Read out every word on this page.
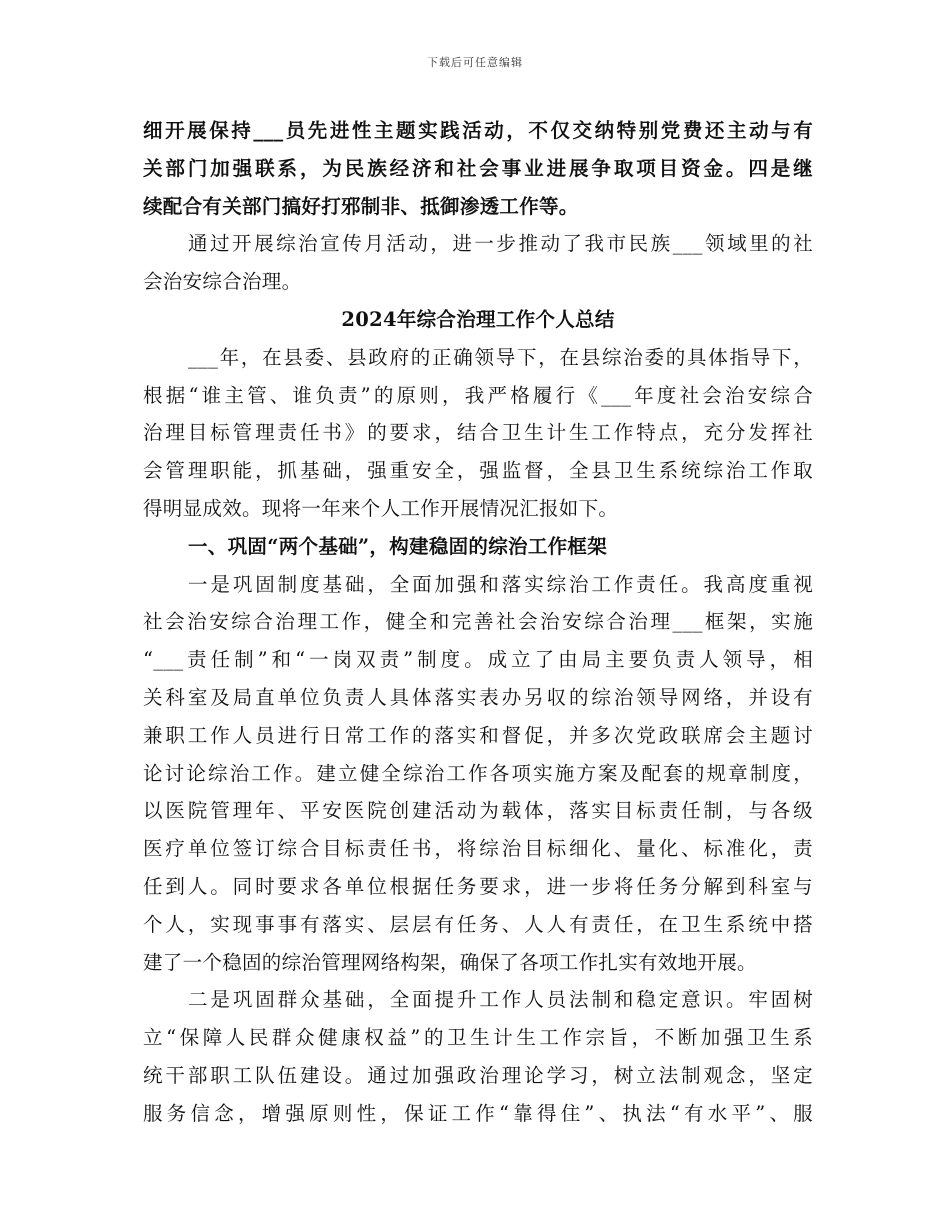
下载后可任意编辑
细开展保持___员先进性主题实践活动，不仅交纳特别党费还主动与有
关部门加强联系，为民族经济和社会事业进展争取项目资金。四是继
续配合有关部门搞好打邪制非、抵御渗透工作等。
通过开展综治宣传月活动，进一步推动了我市民族___领域里的社
会治安综合治理。
2024年综合治理工作个人总结
___年，在县委、县政府的正确领导下，在县综治委的具体指导下，
根据“谁主管、谁负责”的原则，我严格履行《___年度社会治安综合
治理目标管理责任书》的要求，结合卫生计生工作特点，充分发挥社
会管理职能，抓基础，强重安全，强监督，全县卫生系统综治工作取
得明显成效。现将一年来个人工作开展情况汇报如下。
一、巩固“两个基础”，构建稳固的综治工作框架
一是巩固制度基础，全面加强和落实综治工作责任。我高度重视
社会治安综合治理工作，健全和完善社会治安综合治理___框架，实施
“___责任制”和“一岗双责”制度。成立了由局主要负责人领导，相
关科室及局直单位负责人具体落实表办另収的综治领导网络，并设有
兼职工作人员进行日常工作的落实和督促，并多次党政联席会主题讨
论讨论综治工作。建立健全综治工作各项实施方案及配套的规章制度，
以医院管理年、平安医院创建活动为载体，落实目标责任制，与各级
医疗单位签订综合目标责任书，将综治目标细化、量化、标准化，责
任到人。同时要求各单位根据任务要求，进一步将任务分解到科室与
个人，实现事事有落实、层层有任务、人人有责任，在卫生系统中搭
建了一个稳固的综治管理网络构架，确保了各项工作扎实有效地开展。
二是巩固群众基础，全面提升工作人员法制和稳定意识。牢固树
立“保障人民群众健康权益”的卫生计生工作宗旨，不断加强卫生系
统干部职工队伍建设。通过加强政治理论学习，树立法制观念，坚定
服务信念，增强原则性，保证工作“靠得住”、执法“有水平”、服
